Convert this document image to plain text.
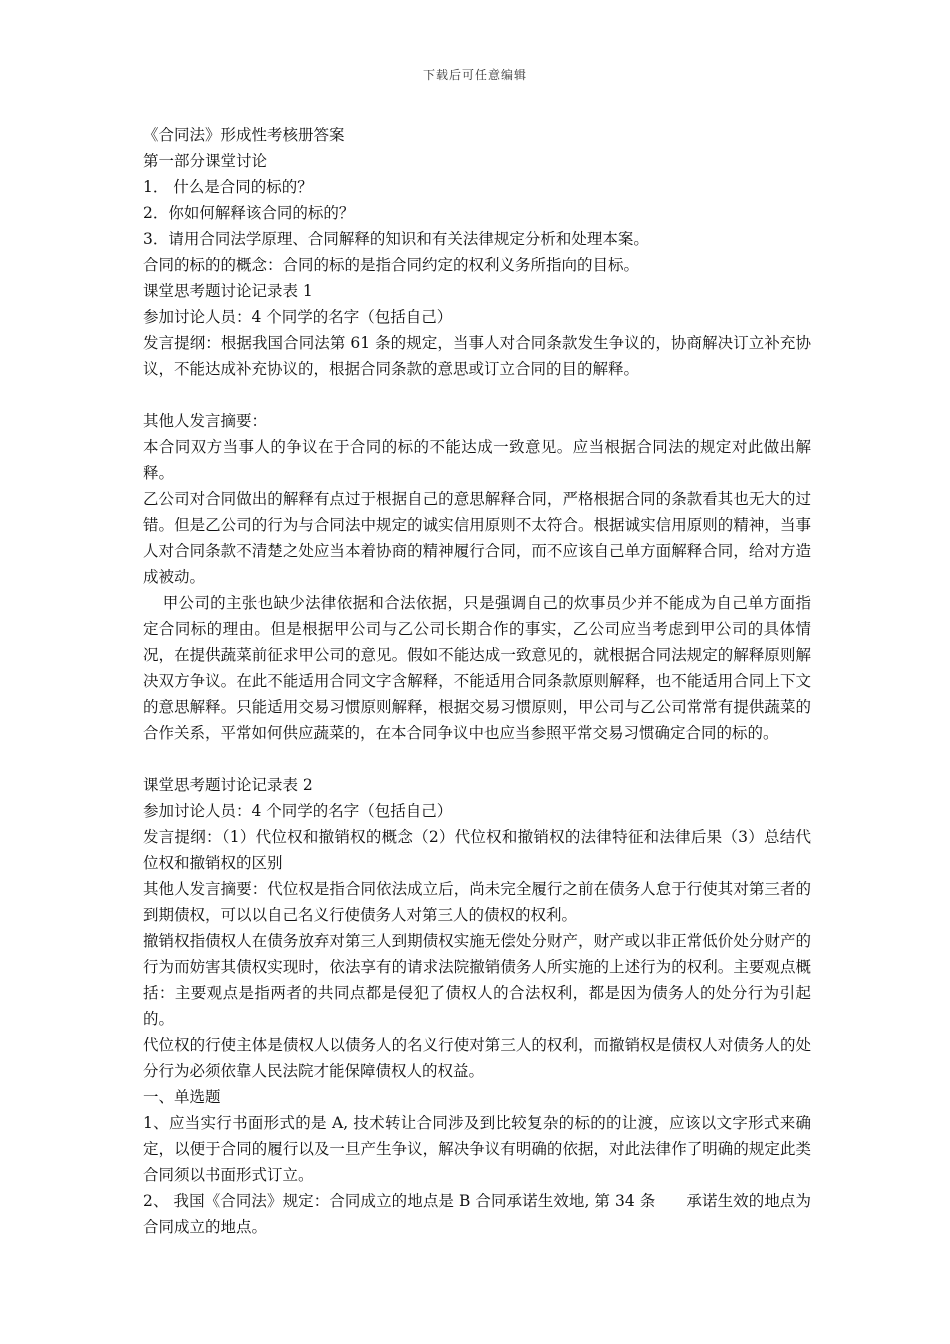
下载后可任意编辑

《合同法》形成性考核册答案

第一部分课堂讨论

1． 什么是合同的标的？

2．你如何解释该合同的标的？

3．请用合同法学原理、合同解释的知识和有关法律规定分析和处理本案。

合同的标的的概念：合同的标的是指合同约定的权利义务所指向的目标。

课堂思考题讨论记录表 1

参加讨论人员：4 个同学的名字（包括自己）

发言提纲：根据我国合同法第 61 条的规定，当事人对合同条款发生争议的，协商解决订立补充协议，不能达成补充协议的，根据合同条款的意思或订立合同的目的解释。

其他人发言摘要：

本合同双方当事人的争议在于合同的标的不能达成一致意见。应当根据合同法的规定对此做出解释。

乙公司对合同做出的解释有点过于根据自己的意思解释合同，严格根据合同的条款看其也无大的过错。但是乙公司的行为与合同法中规定的诚实信用原则不太符合。根据诚实信用原则的精神，当事人对合同条款不清楚之处应当本着协商的精神履行合同，而不应该自己单方面解释合同，给对方造成被动。

甲公司的主张也缺少法律依据和合法依据，只是强调自己的炊事员少并不能成为自己单方面指定合同标的理由。但是根据甲公司与乙公司长期合作的事实，乙公司应当考虑到甲公司的具体情况，在提供蔬菜前征求甲公司的意见。假如不能达成一致意见的，就根据合同法规定的解释原则解决双方争议。在此不能适用合同文字含解释，不能适用合同条款原则解释，也不能适用合同上下文的意思解释。只能适用交易习惯原则解释，根据交易习惯原则，甲公司与乙公司常常有提供蔬菜的合作关系，平常如何供应蔬菜的，在本合同争议中也应当参照平常交易习惯确定合同的标的。

课堂思考题讨论记录表 2

参加讨论人员：4 个同学的名字（包括自己）

发言提纲：（1）代位权和撤销权的概念（2）代位权和撤销权的法律特征和法律后果（3）总结代位权和撤销权的区别

其他人发言摘要：代位权是指合同依法成立后，尚未完全履行之前在债务人怠于行使其对第三者的到期债权，可以以自己名义行使债务人对第三人的债权的权利。

撤销权指债权人在债务放弃对第三人到期债权实施无偿处分财产，财产或以非正常低价处分财产的行为而妨害其债权实现时，依法享有的请求法院撤销债务人所实施的上述行为的权利。主要观点概括：主要观点是指两者的共同点都是侵犯了债权人的合法权利，都是因为债务人的处分行为引起的。

代位权的行使主体是债权人以债务人的名义行使对第三人的权利，而撤销权是债权人对债务人的处分行为必须依靠人民法院才能保障债权人的权益。

一、单选题

1、应当实行书面形式的是 A, 技术转让合同涉及到比较复杂的标的的让渡，应该以文字形式来确定，以便于合同的履行以及一旦产生争议，解决争议有明确的依据，对此法律作了明确的规定此类合同须以书面形式订立。

2、 我国《合同法》规定：合同成立的地点是 B 合同承诺生效地, 第 34 条　　承诺生效的地点为合同成立的地点。
